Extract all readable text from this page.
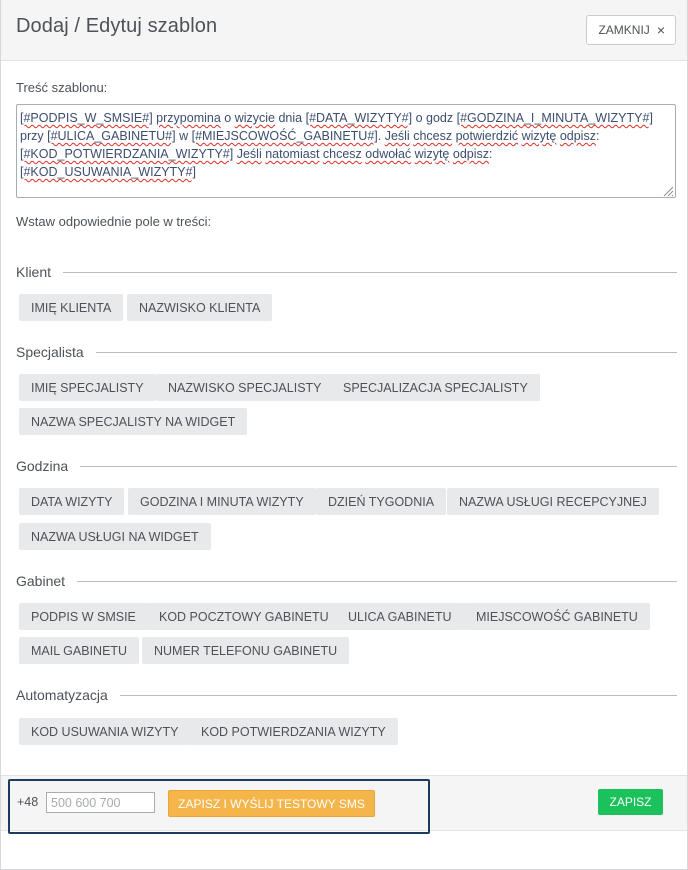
Dodaj / Edytuj szablon	ZAMKNIJ ×
Treść szablonu:
[#PODPIS_W_SMSIE#] przypomina o wizycie dnia [#DATA_WIZYTY#] o godz [#GODZINA_I_MINUTA_WIZYTY#] przy [#ULICA_GABINETU#] w [#MIEJSCOWOŚĆ_GABINETU#]. Jeśli chcesz potwierdzić wizytę odpisz:  [#KOD_POTWIERDZANIA_WIZYTY#] Jeśli natomiast chcesz odwołać wizytę odpisz:  [#KOD_USUWANIA_WIZYTY#]
Wstaw odpowiednie pole w treści:
Klient
IMIĘ KLIENTA	NAZWISKO KLIENTA
Specjalista
IMIĘ SPECJALISTY	NAZWISKO SPECJALISTY	SPECJALIZACJA SPECJALISTY
NAZWA SPECJALISTY NA WIDGET
Godzina
DATA WIZYTY	GODZINA I MINUTA WIZYTY	DZIEŃ TYGODNIA	NAZWA USŁUGI RECEPCYJNEJ
NAZWA USŁUGI NA WIDGET
Gabinet
PODPIS W SMSIE	KOD POCZTOWY GABINETU	ULICA GABINETU	MIEJSCOWOŚĆ GABINETU
MAIL GABINETU	NUMER TELEFONU GABINETU
Automatyzacja
KOD USUWANIA WIZYTY	KOD POTWIERDZANIA WIZYTY
+48
500 600 700	ZAPISZ I WYŚLIJ TESTOWY SMS	ZAPISZ
